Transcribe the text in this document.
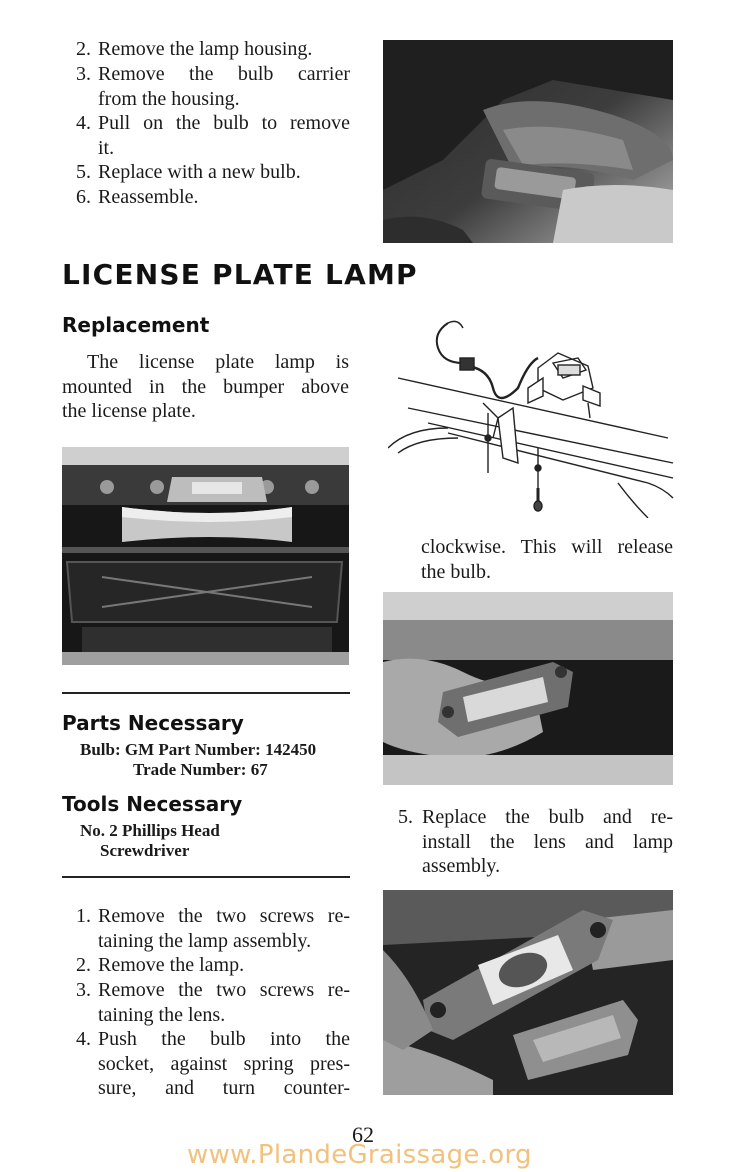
2. Remove the lamp housing.
3. Remove the bulb carrier
from the housing.
4. Pull on the bulb to remove
it.
5. Replace with a new bulb.
6. Reassemble.
LICENSE PLATE LAMP
Replacement
The license plate lamp is
mounted in the bumper above
the license plate.
Parts Necessary
Bulb: GM Part Number: 142450
Trade Number: 67
Tools Necessary
No. 2 Phillips Head
Screwdriver
1. Remove the two screws re-
taining the lamp assembly.
2. Remove the lamp.
3. Remove the two screws re-
taining the lens.
4. Push the bulb into the
socket, against spring pres-
sure, and turn counter-
clockwise. This will release
the bulb.
5. Replace the bulb and re-
install the lens and lamp
assembly.
62
www.PlandeGraissage.org
